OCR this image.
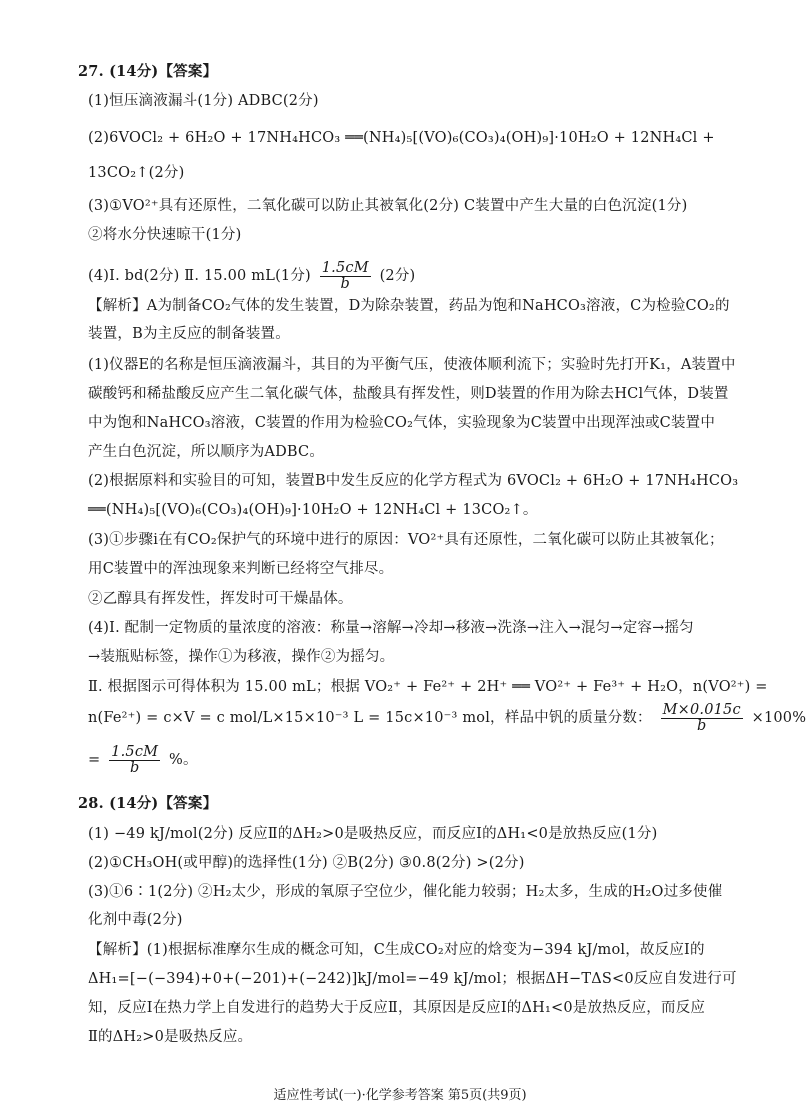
27. (14分)【答案】
(1)恒压滴液漏斗(1分) ADBC(2分)
(2)6VOCl₂ + 6H₂O + 17NH₄HCO₃ ══(NH₄)₅[(VO)₆(CO₃)₄(OH)₉]·10H₂O + 12NH₄Cl +
13CO₂↑(2分)
(3)①VO²⁺具有还原性，二氧化碳可以防止其被氧化(2分) C装置中产生大量的白色沉淀(1分)
②将水分快速晾干(1分)
(4)Ⅰ. bd(2分) Ⅱ. 15.00 mL(1分) $\frac{1.5cM}{b} (2$分)
【解析】A为制备CO₂气体的发生装置，D为除杂装置，药品为饱和NaHCO₃溶液，C为检验CO₂的
装置，B为主反应的制备装置。
(1)仪器E的名称是恒压滴液漏斗，其目的为平衡气压，使液体顺利流下；实验时先打开K₁，A装置中
碳酸钙和稀盐酸反应产生二氧化碳气体，盐酸具有挥发性，则D装置的作用为除去HCl气体，D装置
中为饱和NaHCO₃溶液，C装置的作用为检验CO₂气体，实验现象为C装置中出现浑浊或C装置中
产生白色沉淀，所以顺序为ADBC。
(2)根据原料和实验目的可知，装置B中发生反应的化学方程式为 6VOCl₂ + 6H₂O + 17NH₄HCO₃
══(NH₄)₅[(VO)₆(CO₃)₄(OH)₉]·10H₂O + 12NH₄Cl + 13CO₂↑。
(3)①步骤ⅰ在有CO₂保护气的环境中进行的原因：VO²⁺具有还原性，二氧化碳可以防止其被氧化；
用C装置中的浑浊现象来判断已经将空气排尽。
②乙醇具有挥发性，挥发时可干燥晶体。
(4)Ⅰ. 配制一定物质的量浓度的溶液：称量→溶解→冷却→移液→洗涤→注入→混匀→定容→摇匀
→装瓶贴标签，操作①为移液，操作②为摇匀。
Ⅱ. 根据图示可得体积为 15.00 mL；根据 VO₂⁺ + Fe²⁺ + 2H⁺ ══ VO²⁺ + Fe³⁺ + H₂O，n(VO²⁺) =
n(Fe²⁺) = c×V = c mol/L×15×10⁻³ L = 15c×10⁻³ mol，样品中钒的质量分数： $\frac{M\times 0.015c}{b} \times 100\%$
= $\frac{1.5cM}{b}$ %。
28. (14分)【答案】
(1) −49 kJ/mol(2分) 反应Ⅱ的ΔH₂>0是吸热反应，而反应Ⅰ的ΔH₁<0是放热反应(1分)
(2)①CH₃OH(或甲醇)的选择性(1分) ②B(2分) ③0.8(2分) >(2分)
(3)①6∶1(2分) ②H₂太少，形成的氧原子空位少，催化能力较弱；H₂太多，生成的H₂O过多使催
化剂中毒(2分)
【解析】(1)根据标准摩尔生成的概念可知，C生成CO₂对应的焓变为−394 kJ/mol，故反应Ⅰ的
ΔH₁=[−(−394)+0+(−201)+(−242)]kJ/mol=−49 kJ/mol；根据ΔH−TΔS<0反应自发进行可
知，反应Ⅰ在热力学上自发进行的趋势大于反应Ⅱ，其原因是反应Ⅰ的ΔH₁<0是放热反应，而反应
Ⅱ的ΔH₂>0是吸热反应。
适应性考试(一)·化学参考答案 第5页(共9页)
